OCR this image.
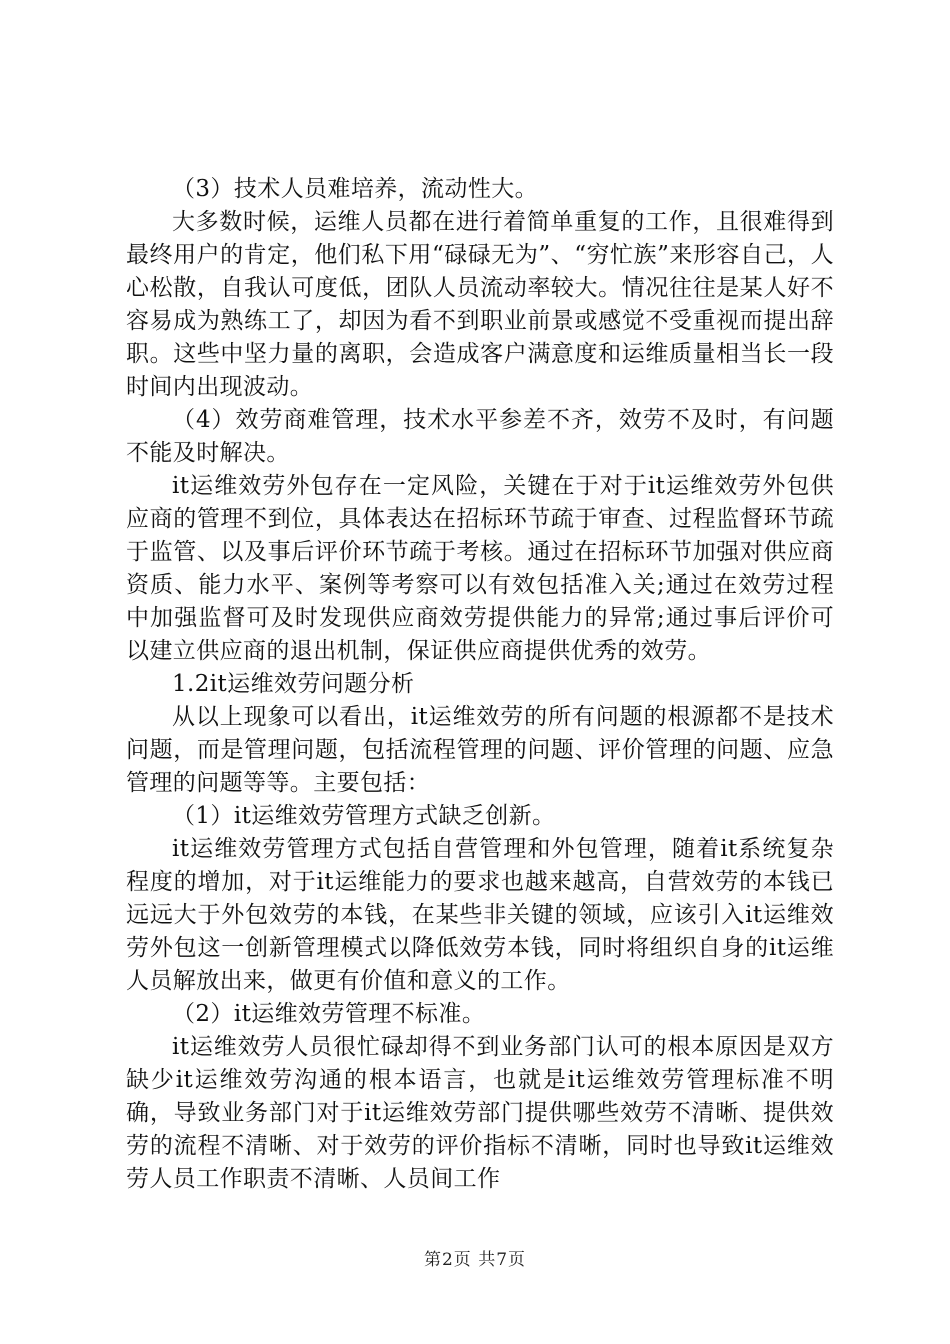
（3）技术人员难培养，流动性大。

大多数时候，运维人员都在进行着简单重复的工作，且很难得到最终用户的肯定，他们私下用“碌碌无为”、“穷忙族”来形容自己，人心松散，自我认可度低，团队人员流动率较大。情况往往是某人好不容易成为熟练工了，却因为看不到职业前景或感觉不受重视而提出辞职。这些中坚力量的离职，会造成客户满意度和运维质量相当长一段时间内出现波动。

（4）效劳商难管理，技术水平参差不齐，效劳不及时，有问题不能及时解决。

it运维效劳外包存在一定风险，关键在于对于it运维效劳外包供应商的管理不到位，具体表达在招标环节疏于审查、过程监督环节疏于监管、以及事后评价环节疏于考核。通过在招标环节加强对供应商资质、能力水平、案例等考察可以有效包括准入关;通过在效劳过程中加强监督可及时发现供应商效劳提供能力的异常;通过事后评价可以建立供应商的退出机制，保证供应商提供优秀的效劳。

1.2it运维效劳问题分析

从以上现象可以看出，it运维效劳的所有问题的根源都不是技术问题，而是管理问题，包括流程管理的问题、评价管理的问题、应急管理的问题等等。主要包括：

（1）it运维效劳管理方式缺乏创新。

it运维效劳管理方式包括自营管理和外包管理，随着it系统复杂程度的增加，对于it运维能力的要求也越来越高，自营效劳的本钱已远远大于外包效劳的本钱，在某些非关键的领域，应该引入it运维效劳外包这一创新管理模式以降低效劳本钱，同时将组织自身的it运维人员解放出来，做更有价值和意义的工作。

（2）it运维效劳管理不标准。

it运维效劳人员很忙碌却得不到业务部门认可的根本原因是双方缺少it运维效劳沟通的根本语言，也就是it运维效劳管理标准不明确，导致业务部门对于it运维效劳部门提供哪些效劳不清晰、提供效劳的流程不清晰、对于效劳的评价指标不清晰，同时也导致it运维效劳人员工作职责不清晰、人员间工作

第2页 共7页
